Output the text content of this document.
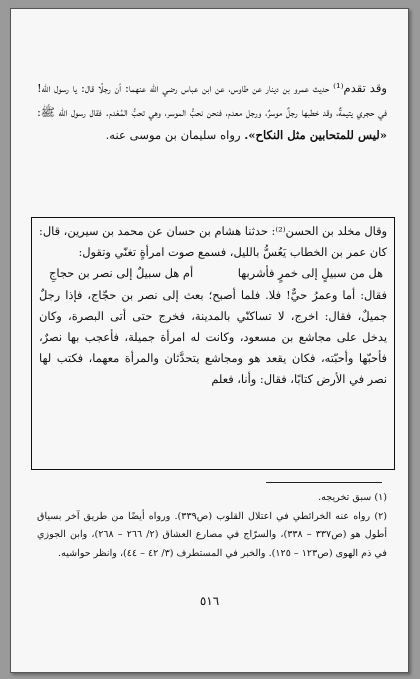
وقد تقدم⁽¹⁾ حديث عمرو بن دينار عن طاوس، عن ابن عباس رضي الله عنهما: أن رجلًا قال: يا رسول الله! في حجري يتيمةٌ، وقد خطبها رجلٌ موسرٌ، ورجل معدم، فنحن نحبُّ الموسر، وهي تحبُّ المُعْدم. فقال رسول الله ﷺ: «ليس للمتحابين مثل النكاح». رواه سليمان بن موسى عنه.
وقال مخلد بن الحسن⁽²⁾: حدثنا هشام بن حسان عن محمد بن سيرين، قال: كان عمر بن الخطاب يَعُسُّ بالليل، فسمع صوت امرأةٍ تغنّي وتقول:
هل من سبيلٍ إلى خمرٍ فأشربها
أم هل سبيلٌ إلى نصر بن حجاجِ
فقال: أما وعمرُ حيٌّ! فلا. فلما أصبح؛ بعث إلى نصر بن حجّاج، فإذا رجلٌ جميلٌ، فقال: اخرج، لا تساكنّي بالمدينة، فخرج حتى أتى البصرة، وكان يدخل على مجاشع بن مسعود، وكانت له امرأة جميلة، فأعجب بها نصرٌ، فأحبّها وأحبّته، فكان يقعد هو ومجاشع يتحدَّثان والمرأة معهما، فكتب لها نصر في الأرض كتابًا، فقال: وأنا، فعلم
(١) سبق تخريجه.
(٢) رواه عنه الخرائطي في اعتلال القلوب (ص٣٣٩). ورواه أيضًا من طريق آخر بسياق أطول هو (ص٣٣٧ – ٣٣٨)، والسرّاج في مصارع العشاق (٢/ ٢٦٦ – ٢٦٨)، وابن الجوزي في ذم الهوى (ص١٢٣ – ١٢٥). والخبر في المستطرف (٣/ ٤٢ – ٤٤)، وانظر حواشيه.
٥١٦
